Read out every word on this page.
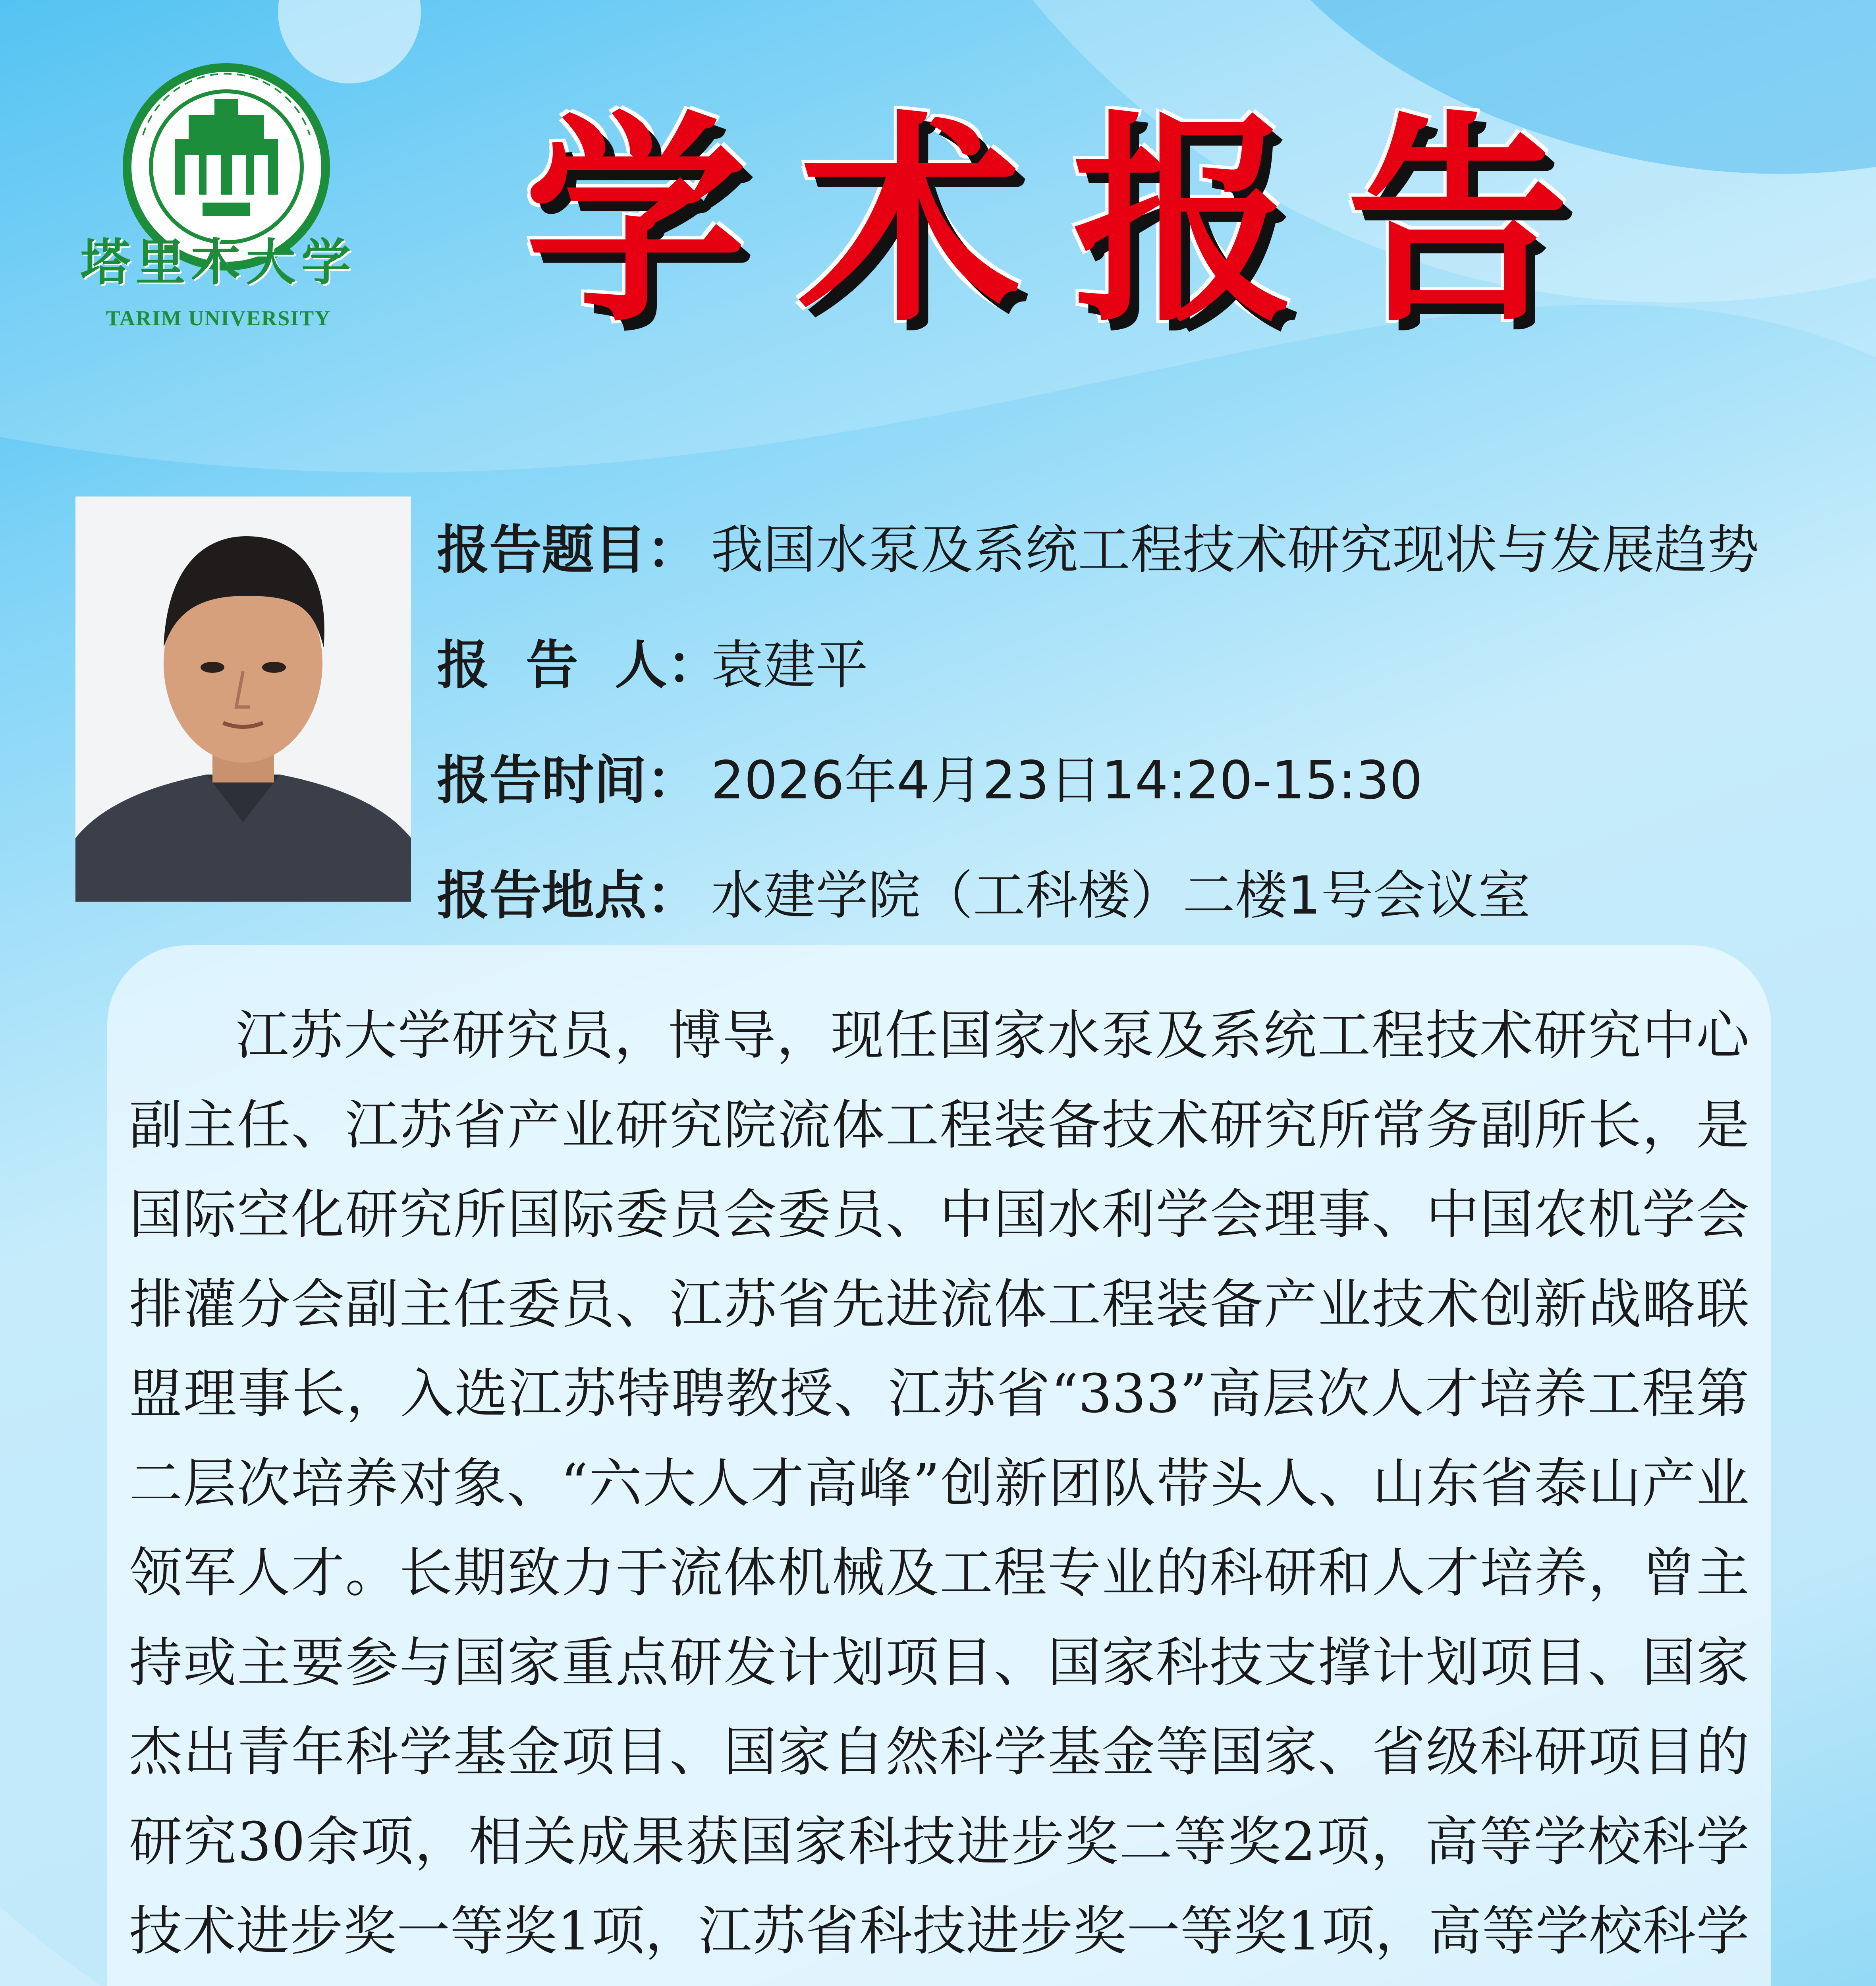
塔里木大学
TARIM UNIVERSITY 学术报告
报告题目： 我国水泵及系统工程技术研究现状与发展趋势
报  告  人：袁建平
报告时间： 2026年4月23日14:20-15:30
报告地点： 水建学院（工科楼）二楼1号会议室

江苏大学研究员，博导，现任国家水泵及系统工程技术研究中心副主任、江苏省产业研究院流体工程装备技术研究所常务副所长，是国际空化研究所国际委员会委员、中国水利学会理事、中国农机学会排灌分会副主任委员、江苏省先进流体工程装备产业技术创新战略联盟理事长，入选江苏特聘教授、江苏省“333”高层次人才培养工程第二层次培养对象、“六大人才高峰”创新团队带头人、山东省泰山产业领军人才。长期致力于流体机械及工程专业的科研和人才培养，曾主持或主要参与国家重点研发计划项目、国家科技支撑计划项目、国家杰出青年科学基金项目、国家自然科学基金等国家、省级科研项目的研究30余项，相关成果获国家科技进步奖二等奖2项，高等学校科学技术进步奖一等奖1项，江苏省科技进步奖一等奖1项，高等学校科学
